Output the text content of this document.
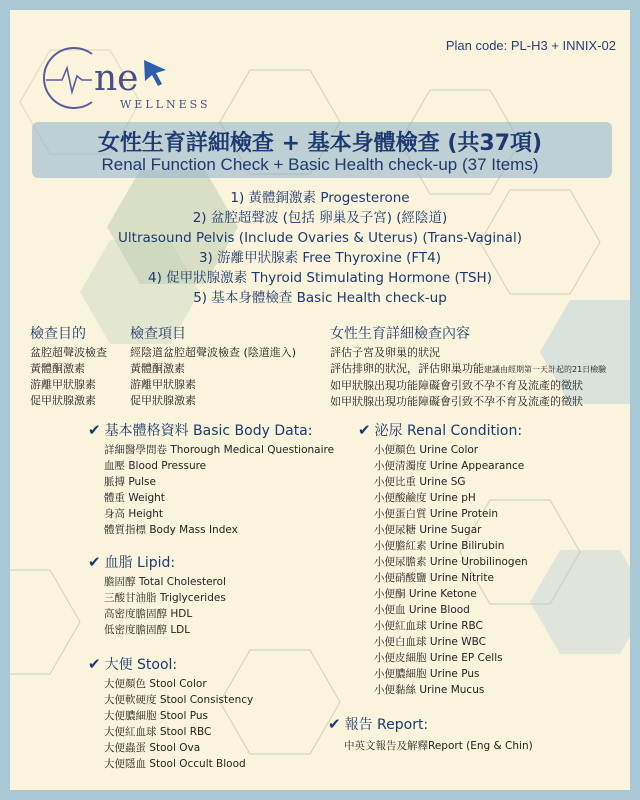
ne
WELLNESS
Plan code: PL-H3 + INNIX-02
女性生育詳細檢查 + 基本身體檢查 (共37項)
Renal Function Check + Basic Health check-up (37 Items)
1) 黃體銅激素 Progesterone
2) 盆腔超聲波 (包括 卵巢及子宮) (經陰道)
Ultrasound Pelvis (Include Ovaries & Uterus) (Trans-Vaginal)
3) 游離甲狀腺素 Free Thyroxine (FT4)
4) 促甲狀腺激素 Thyroid Stimulating Hormone (TSH)
5) 基本身體檢查 Basic Health check-up
檢查目的
盆腔超聲波檢查
黃體酮激素
游離甲狀腺素
促甲狀腺激素
檢查項目
經陰道盆腔超聲波檢查 (陰道進入)
黃體酮激素
游離甲狀腺素
促甲狀腺激素
女性生育詳細檢查內容
評估子宮及卵巢的狀況
評估排卵的狀況，評估卵巢功能建議由經期第一天計起的21日檢驗
如甲狀腺出現功能障礙會引致不孕不育及流產的徵狀
如甲狀腺出現功能障礙會引致不孕不育及流產的徵狀
✔ 基本體格資料 Basic Body Data:
詳細醫學問卷 Thorough Medical Questionaire
血壓 Blood Pressure
脈搏 Pulse
體重 Weight
身高 Height
體質指標 Body Mass Index
✔ 血脂 Lipid:
膽固醇 Total Cholesterol
三酸甘油脂 Triglycerides
高密度膽固醇 HDL
低密度膽固醇 LDL
✔ 大便 Stool:
大便顏色 Stool Color
大便軟硬度 Stool Consistency
大便膿細胞 Stool Pus
大便紅血球 Stool RBC
大便蟲蛋 Stool Ova
大便隱血 Stool Occult Blood
✔ 泌尿 Renal Condition:
小便顏色 Urine Color
小便清濁度 Urine Appearance
小便比重 Urine SG
小便酸鹼度 Urine pH
小便蛋白質 Urine Protein
小便尿糖 Urine Sugar
小便膽紅素 Urine Bilirubin
小便尿膽素 Urine Urobilinogen
小便硝酸鹽 Urine Nitrite
小便酮 Urine Ketone
小便血 Urine Blood
小便紅血球 Urine RBC
小便白血球 Urine WBC
小便皮細胞 Urine EP Cells
小便膿細胞 Urine Pus
小便黏絲 Urine Mucus
✔ 報告 Report:
中英文報告及解釋Report (Eng & Chin)
